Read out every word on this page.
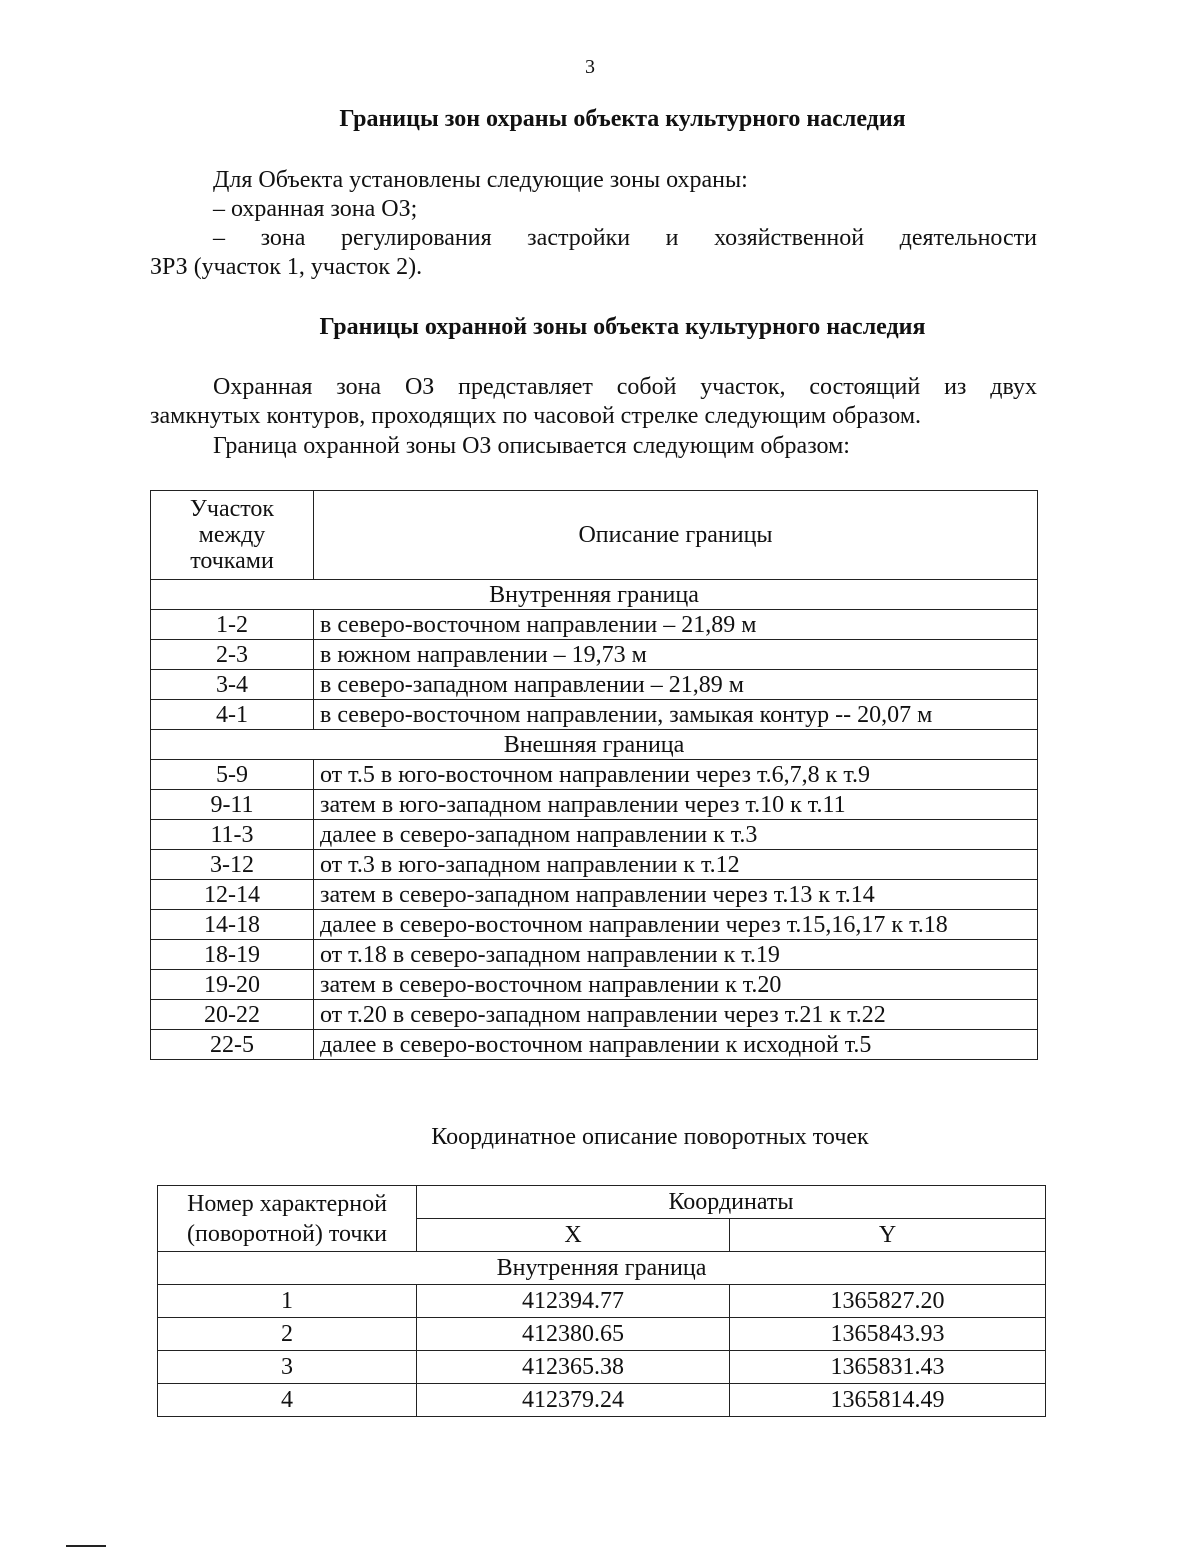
3
Границы зон охраны объекта культурного наследия
Для Объекта установлены следующие зоны охраны:
– охранная зона ОЗ;
– зона регулирования застройки и хозяйственной деятельности
ЗРЗ (участок 1, участок 2).
Границы охранной зоны объекта культурного наследия
Охранная зона ОЗ представляет собой участок, состоящий из двух
замкнутых контуров, проходящих по часовой стрелке следующим образом.
Граница охранной зоны ОЗ описывается следующим образом:
Участок между точками	Описание границы
Внутренняя граница	
1-2	в северо-восточном направлении – 21,89 м
2-3	в южном направлении – 19,73 м
3-4	в северо-западном направлении – 21,89 м
4-1	в северо-восточном направлении, замыкая контур -- 20,07 м
Внешняя граница	
5-9	от т.5 в юго-восточном направлении через т.6,7,8 к т.9
9-11	затем в юго-западном направлении через т.10 к т.11
11-3	далее в северо-западном направлении к т.3
3-12	от т.3 в юго-западном направлении к т.12
12-14	затем в северо-западном направлении через т.13 к т.14
14-18	далее в северо-восточном направлении через т.15,16,17 к т.18
18-19	от т.18 в северо-западном направлении к т.19
19-20	затем в северо-восточном направлении к т.20
20-22	от т.20 в северо-западном направлении через т.21 к т.22
22-5	далее в северо-восточном направлении к исходной т.5
Координатное описание поворотных точек
Номер характерной (поворотной) точки	Координаты	
	X	Y
Внутренняя граница		
1	412394.77	1365827.20
2	412380.65	1365843.93
3	412365.38	1365831.43
4	412379.24	1365814.49
